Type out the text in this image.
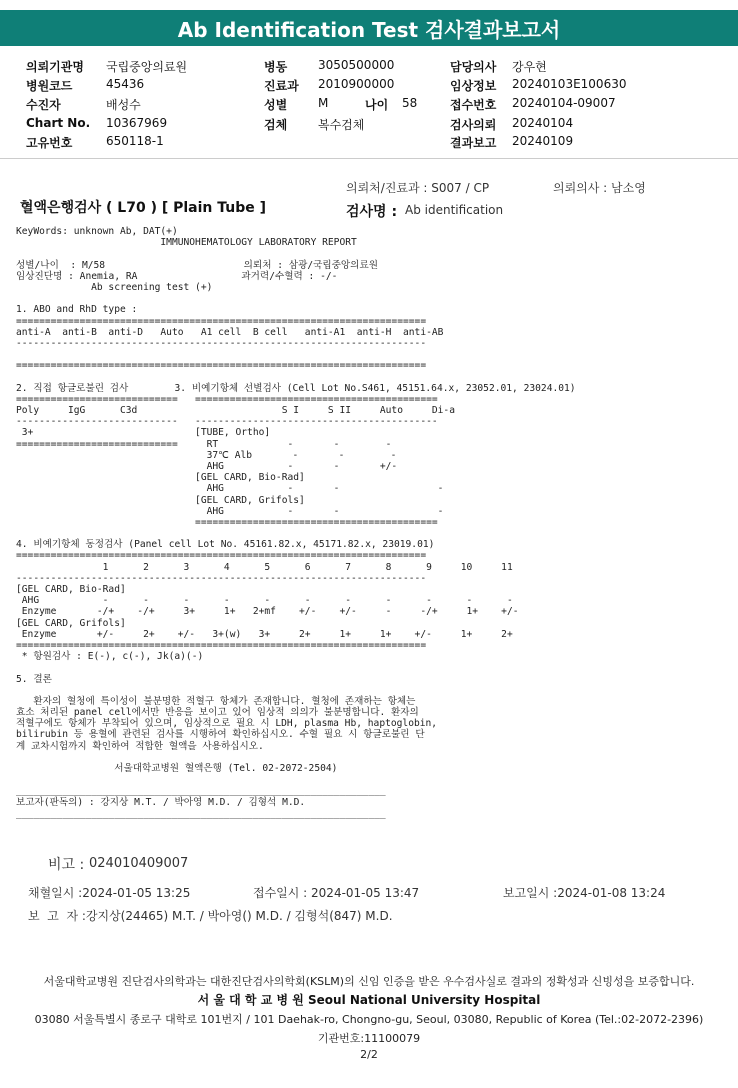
Ab Identification Test 검사결과보고서
의뢰기관명 국립중앙의료원
병원코드	45436
수진자	배성수
Chart No. 10367969
고유번호	650118-1
병동	3050500000
진료과 2010900000
성별	M	나이 58
검체	복수검체
담당의사 강우현
임상정보 20240103E100630
접수번호 20240104-09007
검사의뢰 20240104
결과보고 20240109
의뢰처/진료과 : S007 / CP	의뢰의사 : 남소영
혈액은행검사 ( L70 ) [ Plain Tube ]	검사명 : Ab identification
KeyWords: unknown Ab, DAT(+)
IMMUNOHEMATOLOGY LABORATORY REPORT
성별/나이  : M/58                        의뢰처 : 삼광/국립중앙의료원
임상진단명 : Anemia, RA                  과거력/수혈력 : -/-
Ab screening test (+)
1. ABO and RhD type :
=======================================================================
anti-A  anti-B  anti-D   Auto   A1 cell  B cell   anti-A1  anti-H  anti-AB
-----------------------------------------------------------------------
=======================================================================
2. 직접 항글로불린 검사        3. 비예기항체 선별검사 (Cell Lot No.S461, 45151.64.x, 23052.01, 23024.01)
============================   ==========================================
Poly     IgG      C3d                         S I     S II     Auto     Di-a
----------------------------   ------------------------------------------
3+                            [TUBE, Ortho]
============================     RT            -       -        -
37℃ Alb       -       -        -
AHG           -       -       +/-
[GEL CARD, Bio-Rad]
AHG           -       -                 -
[GEL CARD, Grifols]
AHG           -       -                 -
==========================================
4. 비예기항체 동정검사 (Panel cell Lot No. 45161.82.x, 45171.82.x, 23019.01)
=======================================================================
1      2      3      4      5      6      7      8      9     10     11
-----------------------------------------------------------------------
[GEL CARD, Bio-Rad]
AHG           -      -      -      -      -      -      -      -      -      -      -
Enzyme       -/+    -/+     3+     1+   2+mf    +/-    +/-     -     -/+     1+    +/-
[GEL CARD, Grifols]
Enzyme       +/-     2+    +/-   3+(w)   3+     2+     1+     1+    +/-     1+     2+
=======================================================================
* 항원검사 : E(-), c(-), Jk(a)(-)
5. 결론
환자의 혈청에 특이성이 불분명한 적혈구 항체가 존재합니다. 혈청에 존재하는 항체는
효소 처리된 panel cell에서만 반응을 보이고 있어 임상적 의의가 불분명합니다. 환자의
적혈구에도 항체가 부착되어 있으며, 임상적으로 필요 시 LDH, plasma Hb, haptoglobin,
bilirubin 등 용혈에 관련된 검사를 시행하여 확인하십시오. 수혈 필요 시 항글로불린 단
계 교차시험까지 확인하여 적합한 혈액을 사용하십시오.
서울대학교병원 혈액은행 (Tel. 02-2072-2504)
________________________________________________________________
보고자(판독의) : 강지상 M.T. / 박아영 M.D. / 김형석 M.D.
________________________________________________________________
비고 : 024010409007
채혈일시 :2024-01-05 13:25	접수일시 : 2024-01-05 13:47	보고일시 :2024-01-08 13:24
보  고  자 :강지상(24465) M.T. / 박아영() M.D. / 김형석(847) M.D.
서울대학교병원 진단검사의학과는 대한진단검사의학회(KSLM)의 신임 인증을 받은 우수검사실로 결과의 정확성과 신빙성을 보증합니다.
서 울 대 학 교 병 원 Seoul National University Hospital
03080 서울특별시 종로구 대학로 101번지 / 101 Daehak-ro, Chongno-gu, Seoul, 03080, Republic of Korea (Tel.:02-2072-2396)
기관번호:11100079
2/2
